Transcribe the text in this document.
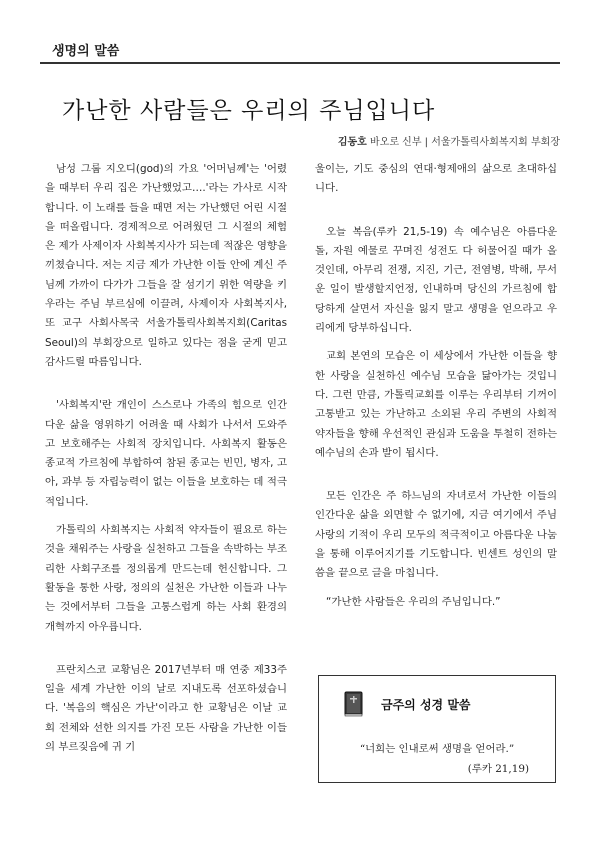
생명의 말씀
가난한 사람들은 우리의 주님입니다
김동호 바오로 신부 | 서울가톨릭사회복지회 부회장

남성 그룹 지오디(god)의 가요 '어머님께'는 '어렸을 때부터 우리 집은 가난했었고….'라는 가사로 시작합니다. 이 노래를 들을 때면 저는 가난했던 어린 시절을 떠올립니다. 경제적으로 어려웠던 그 시절의 체험은 제가 사제이자 사회복지사가 되는데 적잖은 영향을 끼쳤습니다. 저는 지금 제가 가난한 이들 안에 계신 주님께 가까이 다가가 그들을 잘 섬기기 위한 역량을 키우라는 주님 부르심에 이끌려, 사제이자 사회복지사, 또 교구 사회사목국 서울가톨릭사회복지회(Caritas Seoul)의 부회장으로 일하고 있다는 점을 굳게 믿고 감사드릴 따름입니다.

'사회복지'란 개인이 스스로나 가족의 힘으로 인간다운 삶을 영위하기 어려울 때 사회가 나서서 도와주고 보호해주는 사회적 장치입니다. 사회복지 활동은 종교적 가르침에 부합하여 참된 종교는 빈민, 병자, 고아, 과부 등 자립능력이 없는 이들을 보호하는 데 적극적입니다.

가톨릭의 사회복지는 사회적 약자들이 필요로 하는 것을 채워주는 사랑을 실천하고 그들을 속박하는 부조리한 사회구조를 정의롭게 만드는데 헌신합니다. 그 활동을 통한 사랑, 정의의 실천은 가난한 이들과 나누는 것에서부터 그들을 고통스럽게 하는 사회 환경의 개혁까지 아우릅니다.

프란치스코 교황님은 2017년부터 매 연중 제33주일을 세계 가난한 이의 날로 지내도록 선포하셨습니다. '복음의 핵심은 가난'이라고 한 교황님은 이날 교회 전체와 선한 의지를 가진 모든 사람을 가난한 이들의 부르짖음에 귀 기

울이는, 기도 중심의 연대·형제애의 삶으로 초대하십니다.

오늘 복음(루카 21,5-19) 속 예수님은 아름다운 돌, 자원 예물로 꾸며진 성전도 다 허물어질 때가 올 것인데, 아무리 전쟁, 지진, 기근, 전염병, 박해, 무서운 일이 발생할지언정, 인내하며 당신의 가르침에 합당하게 살면서 자신을 잃지 말고 생명을 얻으라고 우리에게 당부하십니다.

교회 본연의 모습은 이 세상에서 가난한 이들을 향한 사랑을 실천하신 예수님 모습을 닮아가는 것입니다. 그런 만큼, 가톨릭교회를 이루는 우리부터 기꺼이 고통받고 있는 가난하고 소외된 우리 주변의 사회적 약자들을 향해 우선적인 관심과 도움을 투철히 전하는 예수님의 손과 발이 됩시다.

모든 인간은 주 하느님의 자녀로서 가난한 이들의 인간다운 삶을 외면할 수 없기에, 지금 여기에서 주님 사랑의 기적이 우리 모두의 적극적이고 아름다운 나눔을 통해 이루어지기를 기도합니다. 빈센트 성인의 말씀을 끝으로 글을 마칩니다.

“가난한 사람들은 우리의 주님입니다.”

금주의 성경 말씀
“너희는 인내로써 생명을 얻어라.”
(루카 21,19)
